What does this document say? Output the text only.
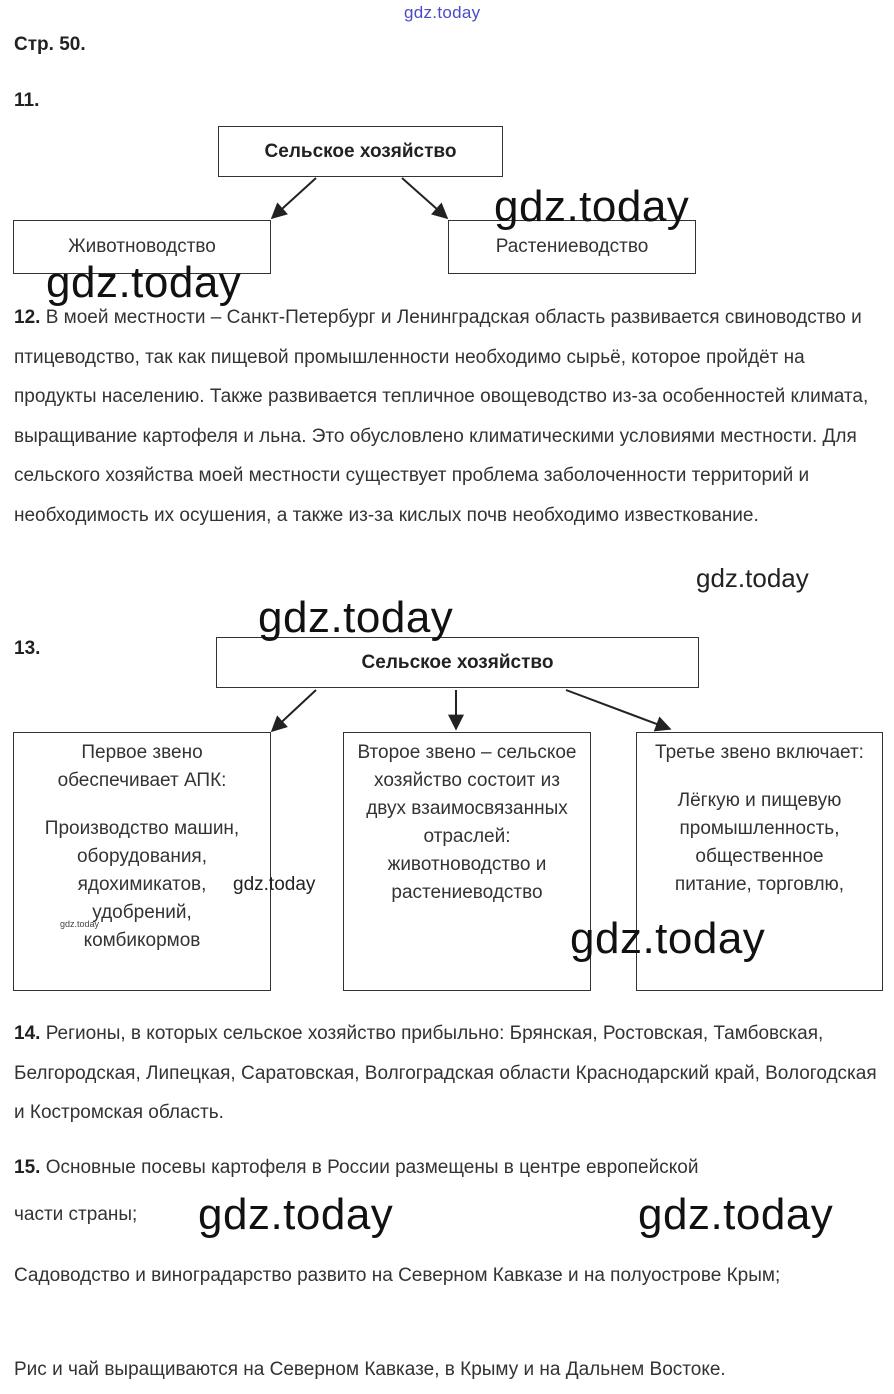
gdz.today
Стр. 50.
11.
Сельское хозяйство
Животноводство	Растениеводство
12. В моей местности – Санкт-Петербург и Ленинградская область развивается свиноводство и птицеводство, так как пищевой промышленности необходимо сырьё, которое пройдёт на продукты населению. Также развивается тепличное овощеводство из-за особенностей климата, выращивание картофеля и льна. Это обусловлено климатическими условиями местности. Для сельского хозяйства моей местности существует проблема заболоченности территорий и необходимость их осушения, а также из-за кислых почв необходимо известкование.
13.
Сельское хозяйство

Первое звено обеспечивает АПК:

Производство машин, оборудования, ядохимикатов, удобрений, комбикормов

Второе звено – сельское хозяйство состоит из двух взаимосвязанных отраслей: животноводство и растениеводство

Третье звено включает:

Лёгкую и пищевую промышленность, общественное питание, торговлю,

14. Регионы, в которых сельское хозяйство прибыльно: Брянская, Ростовская, Тамбовская, Белгородская, Липецкая, Саратовская, Волгоградская области Краснодарский край, Вологодская и Костромская область.
15. Основные посевы картофеля в России размещены в центре европейской
части страны;
Садоводство и виноградарство развито на Северном Кавказе и на полуострове Крым;
Рис и чай выращиваются на Северном Кавказе, в Крыму и на Дальнем Востоке.
gdz.today
gdz.today
gdz.today
gdz.today
gdz.today
gdz.today	gdz.today
gdz.today	gdz.today
